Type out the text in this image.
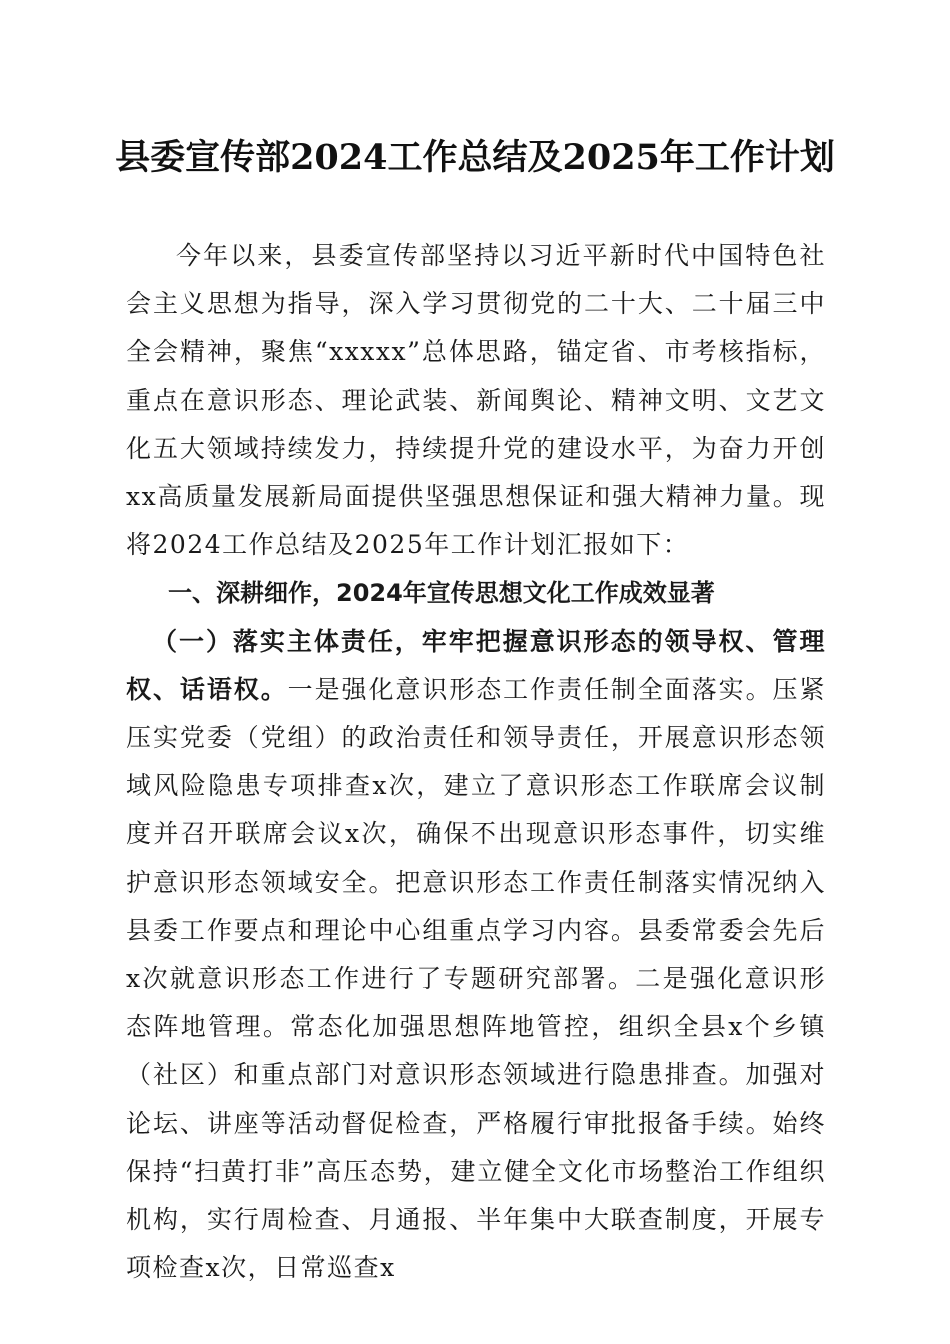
县委宣传部2024工作总结及2025年工作计划

今年以来，县委宣传部坚持以习近平新时代中国特色社会主义思想为指导，深入学习贯彻党的二十大、二十届三中全会精神，聚焦“xxxxx”总体思路，锚定省、市考核指标，重点在意识形态、理论武装、新闻舆论、精神文明、文艺文化五大领域持续发力，持续提升党的建设水平，为奋力开创xx高质量发展新局面提供坚强思想保证和强大精神力量。现将2024工作总结及2025年工作计划汇报如下：

一、深耕细作，2024年宣传思想文化工作成效显著

（一）落实主体责任，牢牢把握意识形态的领导权、管理权、话语权。一是强化意识形态工作责任制全面落实。压紧压实党委（党组）的政治责任和领导责任，开展意识形态领域风险隐患专项排查x次，建立了意识形态工作联席会议制度并召开联席会议x次，确保不出现意识形态事件，切实维护意识形态领域安全。把意识形态工作责任制落实情况纳入县委工作要点和理论中心组重点学习内容。县委常委会先后x次就意识形态工作进行了专题研究部署。二是强化意识形态阵地管理。常态化加强思想阵地管控，组织全县x个乡镇（社区）和重点部门对意识形态领域进行隐患排查。加强对论坛、讲座等活动督促检查，严格履行审批报备手续。始终保持“扫黄打非”高压态势，建立健全文化市场整治工作组织机构，实行周检查、月通报、半年集中大联查制度，开展专项检查x次，日常巡查x
